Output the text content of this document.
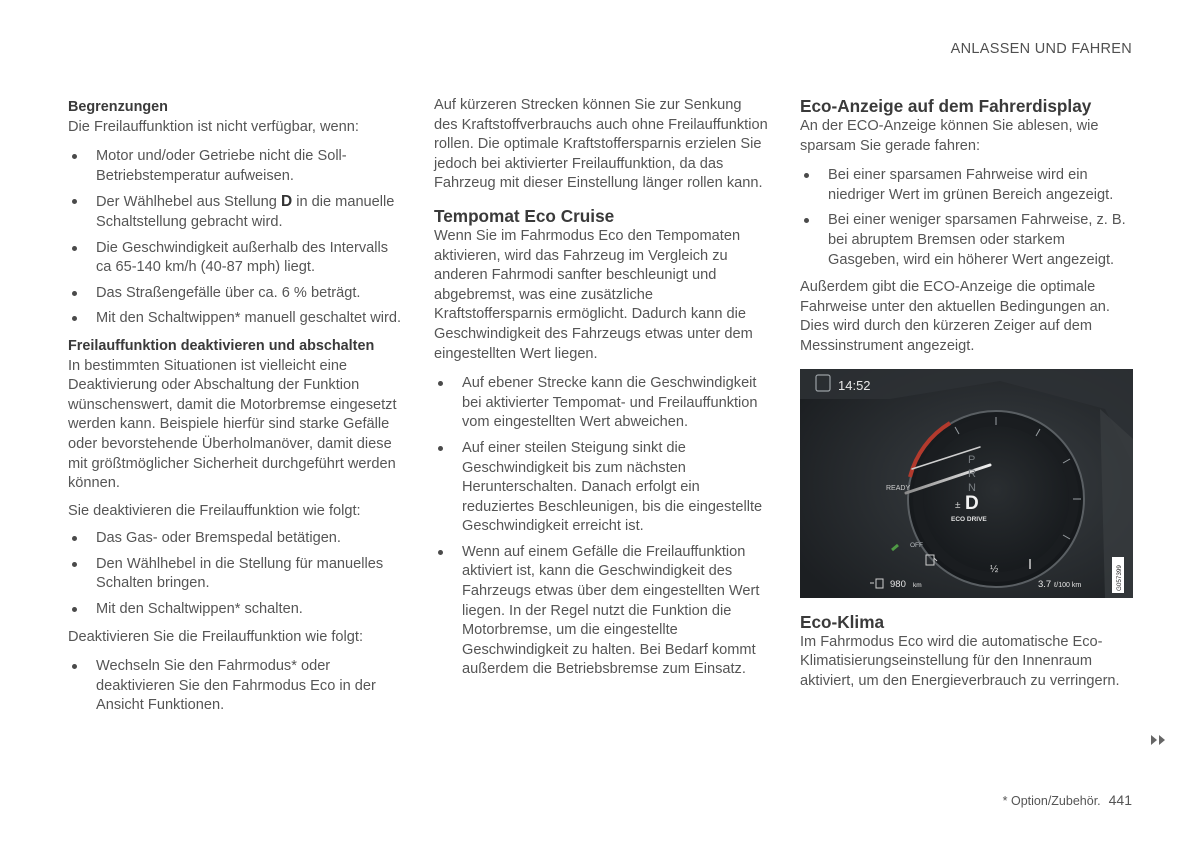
ANLASSEN UND FAHREN
Begrenzungen

Die Freilauffunktion ist nicht verfügbar, wenn:

Motor und/oder Getriebe nicht die Soll-Betriebstemperatur aufweisen.
Der Wählhebel aus Stellung D in die manuelle Schaltstellung gebracht wird.
Die Geschwindigkeit außerhalb des Intervalls ca 65-140 km/h (40-87 mph) liegt.
Das Straßengefälle über ca. 6 % beträgt.
Mit den Schaltwippen* manuell geschaltet wird.
Freilauffunktion deaktivieren und abschalten

In bestimmten Situationen ist vielleicht eine Deaktivierung oder Abschaltung der Funktion wünschenswert, damit die Motorbremse eingesetzt werden kann. Beispiele hierfür sind starke Gefälle oder bevorstehende Überholmanöver, damit diese mit größtmöglicher Sicherheit durchgeführt werden können.

Sie deaktivieren die Freilauffunktion wie folgt:

Das Gas- oder Bremspedal betätigen.
Den Wählhebel in die Stellung für manuelles Schalten bringen.
Mit den Schaltwippen* schalten.

Deaktivieren Sie die Freilauffunktion wie folgt:

Wechseln Sie den Fahrmodus* oder deaktivieren Sie den Fahrmodus Eco in der Ansicht Funktionen.

Auf kürzeren Strecken können Sie zur Senkung des Kraftstoffverbrauchs auch ohne Freilauffunktion rollen. Die optimale Kraftstoffersparnis erzielen Sie jedoch bei aktivierter Freilauffunktion, da das Fahrzeug mit dieser Einstellung länger rollen kann.

Tempomat Eco Cruise

Wenn Sie im Fahrmodus Eco den Tempomaten aktivieren, wird das Fahrzeug im Vergleich zu anderen Fahrmodi sanfter beschleunigt und abgebremst, was eine zusätzliche Kraftstoffersparnis ermöglicht. Dadurch kann die Geschwindigkeit des Fahrzeugs etwas unter dem eingestellten Wert liegen.

Auf ebener Strecke kann die Geschwindigkeit bei aktivierter Tempomat- und Freilauffunktion vom eingestellten Wert abweichen.
Auf einer steilen Steigung sinkt die Geschwindigkeit bis zum nächsten Herunterschalten. Danach erfolgt ein reduziertes Beschleunigen, bis die eingestellte Geschwindigkeit erreicht ist.
Wenn auf einem Gefälle die Freilauffunktion aktiviert ist, kann die Geschwindigkeit des Fahrzeugs etwas über dem eingestellten Wert liegen. In der Regel nutzt die Funktion die Motorbremse, um die eingestellte Geschwindigkeit zu halten. Bei Bedarf kommt außerdem die Betriebsbremse zum Einsatz.
Eco-Anzeige auf dem Fahrerdisplay

An der ECO-Anzeige können Sie ablesen, wie sparsam Sie gerade fahren:

Bei einer sparsamen Fahrweise wird ein niedriger Wert im grünen Bereich angezeigt.
Bei einer weniger sparsamen Fahrweise, z. B. bei abruptem Bremsen oder starkem Gasgeben, wird ein höherer Wert angezeigt.

Außerdem gibt die ECO-Anzeige die optimale Fahrweise unter den aktuellen Bedingungen an. Dies wird durch den kürzeren Zeiger auf dem Messinstrument angezeigt.

14:52
P
R
N
± D
READY
ECO DRIVE
OFF
½
980 km	3.7 ℓ/100 km	G057399
Eco-Klima

Im Fahrmodus Eco wird die automatische Eco-Klimatisierungseinstellung für den Innenraum aktiviert, um den Energieverbrauch zu verringern.

* Option/Zubehör. 441
